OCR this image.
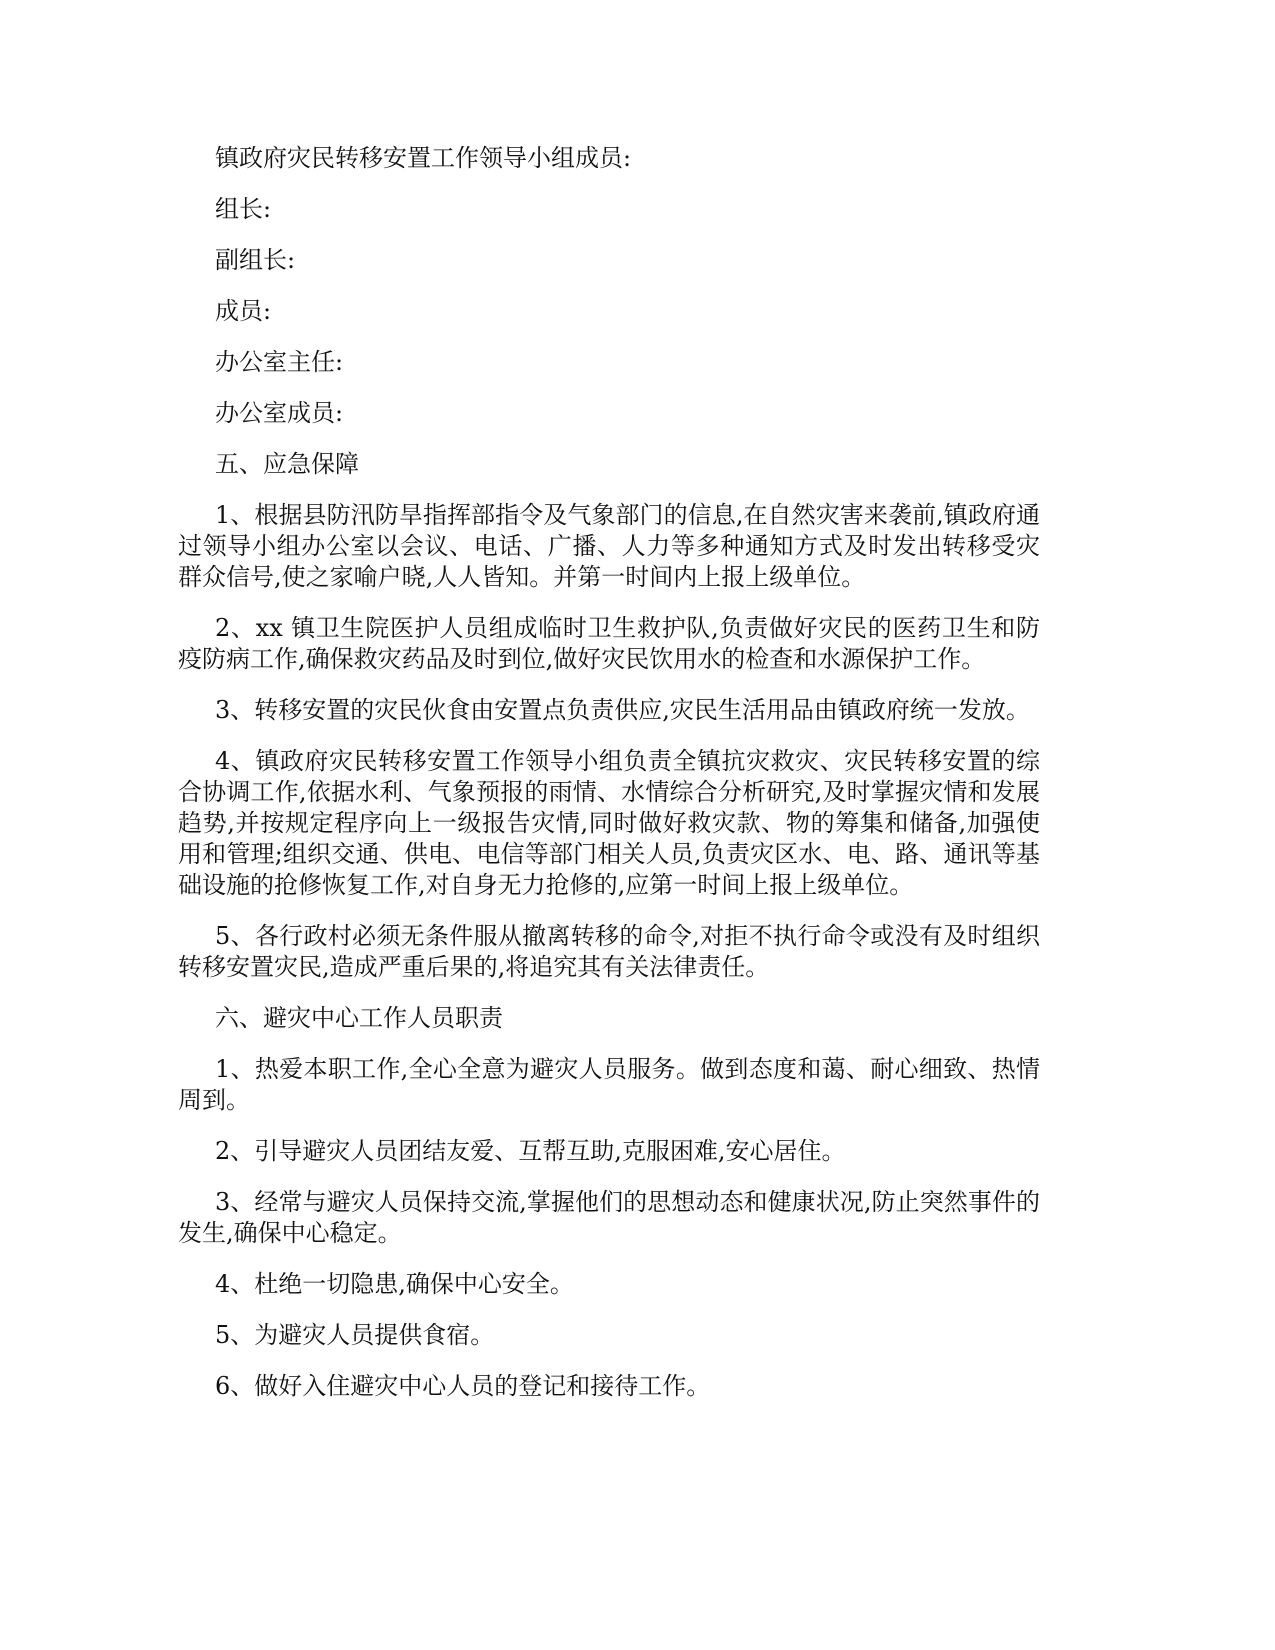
镇政府灾民转移安置工作领导小组成员:

组长:

副组长:

成员:

办公室主任:

办公室成员:

五、应急保障

1、根据县防汛防旱指挥部指令及气象部门的信息,在自然灾害来袭前,镇政府通过领导小组办公室以会议、电话、广播、人力等多种通知方式及时发出转移受灾群众信号,使之家喻户晓,人人皆知。并第一时间内上报上级单位。

2、xx 镇卫生院医护人员组成临时卫生救护队,负责做好灾民的医药卫生和防疫防病工作,确保救灾药品及时到位,做好灾民饮用水的检查和水源保护工作。

3、转移安置的灾民伙食由安置点负责供应,灾民生活用品由镇政府统一发放。

4、镇政府灾民转移安置工作领导小组负责全镇抗灾救灾、灾民转移安置的综合协调工作,依据水利、气象预报的雨情、水情综合分析研究,及时掌握灾情和发展趋势,并按规定程序向上一级报告灾情,同时做好救灾款、物的筹集和储备,加强使用和管理;组织交通、供电、电信等部门相关人员,负责灾区水、电、路、通讯等基础设施的抢修恢复工作,对自身无力抢修的,应第一时间上报上级单位。

5、各行政村必须无条件服从撤离转移的命令,对拒不执行命令或没有及时组织转移安置灾民,造成严重后果的,将追究其有关法律责任。

六、避灾中心工作人员职责

1、热爱本职工作,全心全意为避灾人员服务。做到态度和蔼、耐心细致、热情周到。

2、引导避灾人员团结友爱、互帮互助,克服困难,安心居住。

3、经常与避灾人员保持交流,掌握他们的思想动态和健康状况,防止突然事件的发生,确保中心稳定。

4、杜绝一切隐患,确保中心安全。

5、为避灾人员提供食宿。

6、做好入住避灾中心人员的登记和接待工作。
